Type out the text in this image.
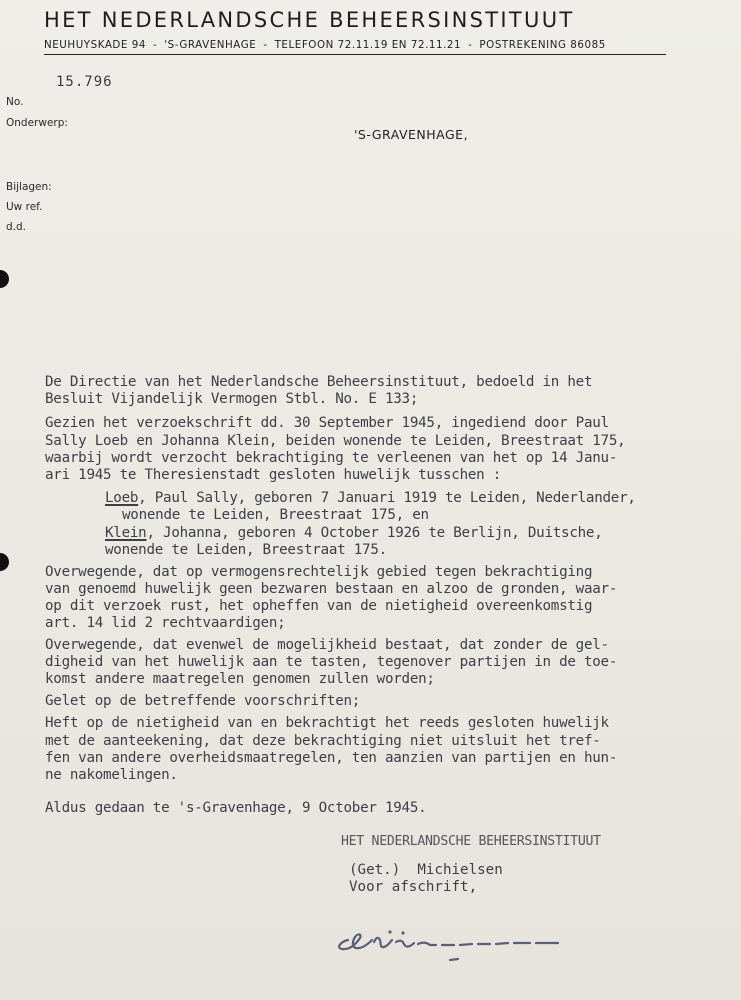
HET NEDERLANDSCHE BEHEERSINSTITUUT
NEUHUYSKADE 94 - 'S-GRAVENHAGE - TELEFOON 72.11.19 EN 72.11.21 - POSTREKENING 86085
15.796
No.
Onderwerp:
'S-GRAVENHAGE,
Bijlagen:
Uw ref.
d.d.
De Directie van het Nederlandsche Beheersinstituut, bedoeld in het
Besluit Vijandelijk Vermogen Stbl. No. E 133;
Gezien het verzoekschrift dd. 30 September 1945, ingediend door Paul
Sally Loeb en Johanna Klein, beiden wonende te Leiden, Breestraat 175,
waarbij wordt verzocht bekrachtiging te verleenen van het op 14 Janu-
ari 1945 te Theresienstadt gesloten huwelijk tusschen :
Loeb, Paul Sally, geboren 7 Januari 1919 te Leiden, Nederlander,
wonende te Leiden, Breestraat 175, en
Klein, Johanna, geboren 4 October 1926 te Berlijn, Duitsche,
wonende te Leiden, Breestraat 175.
Overwegende, dat op vermogensrechtelijk gebied tegen bekrachtiging
van genoemd huwelijk geen bezwaren bestaan en alzoo de gronden, waar-
op dit verzoek rust, het opheffen van de nietigheid overeenkomstig
art. 14 lid 2 rechtvaardigen;
Overwegende, dat evenwel de mogelijkheid bestaat, dat zonder de gel-
digheid van het huwelijk aan te tasten, tegenover partijen in de toe-
komst andere maatregelen genomen zullen worden;
Gelet op de betreffende voorschriften;
Heft op de nietigheid van en bekrachtigt het reeds gesloten huwelijk
met de aanteekening, dat deze bekrachtiging niet uitsluit het tref-
fen van andere overheidsmaatregelen, ten aanzien van partijen en hun-
ne nakomelingen.
Aldus gedaan te 's-Gravenhage, 9 October 1945.
HET NEDERLANDSCHE BEHEERSINSTITUUT
(Get.)  Michielsen
Voor afschrift,
